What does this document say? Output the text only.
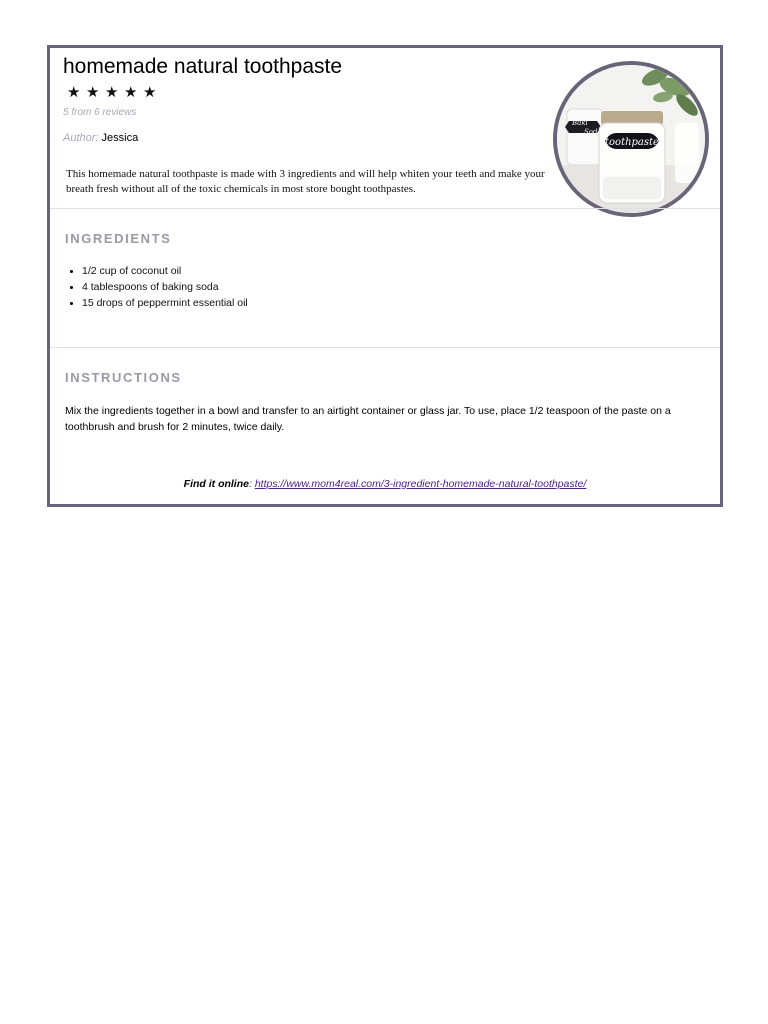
homemade natural toothpaste
★ ★ ★ ★ ★
5 from 6 reviews
Author: Jessica
This homemade natural toothpaste is made with 3 ingredients and will help whiten your teeth and make your breath fresh without all of the toxic chemicals in most store bought toothpastes.
Baki
Sod
toothpaste
INGREDIENTS
1/2 cup of coconut oil
4 tablespoons of baking soda
15 drops of peppermint essential oil
INSTRUCTIONS
Mix the ingredients together in a bowl and transfer to an airtight container or glass jar. To use, place 1/2 teaspoon of the paste on a toothbrush and brush for 2 minutes, twice daily.
Find it online: https://www.mom4real.com/3-ingredient-homemade-natural-toothpaste/
